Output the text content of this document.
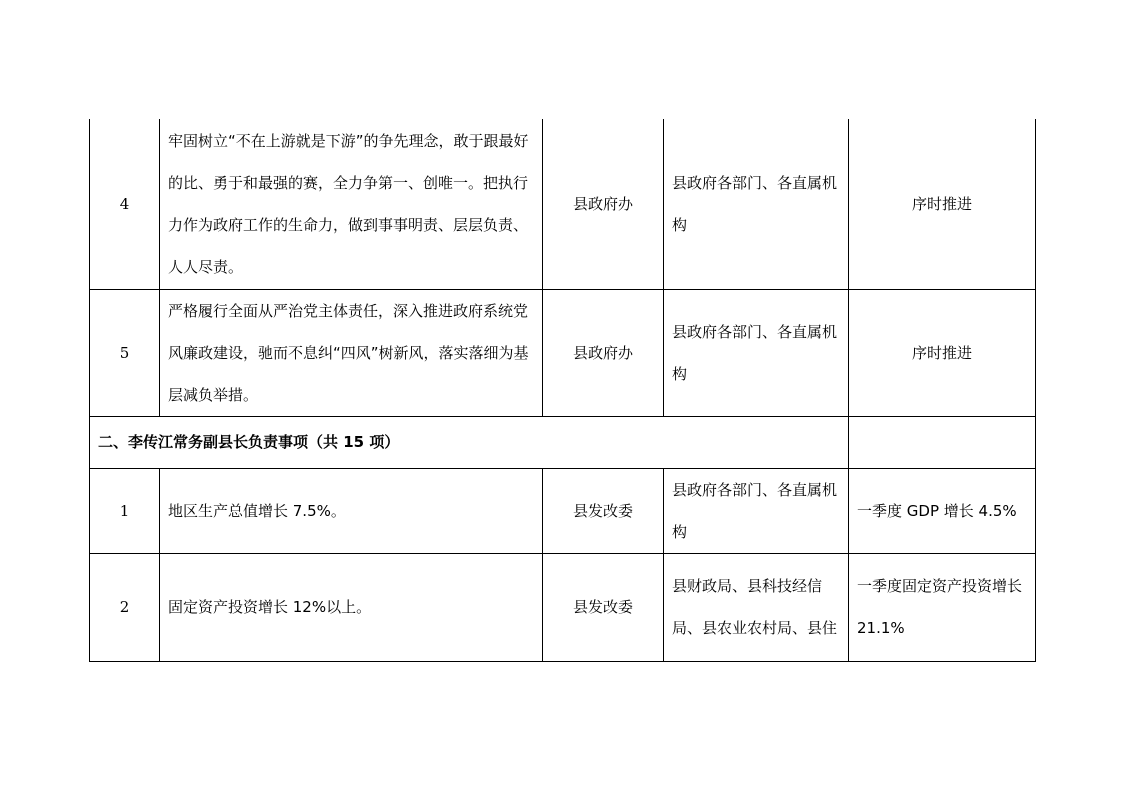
4	牢固树立“不在上游就是下游”的争先理念，敢于跟最好的比、勇于和最强的赛，全力争第一、创唯一。把执行力作为政府工作的生命力，做到事事明责、层层负责、人人尽责。	县政府办	县政府各部门、各直属机构	序时推进
5	严格履行全面从严治党主体责任，深入推进政府系统党风廉政建设，驰而不息纠“四风”树新风，落实落细为基层减负举措。	县政府办	县政府各部门、各直属机构	序时推进
二、李传江常务副县长负责事项（共 15 项）				
1	地区生产总值增长 7.5%。	县发改委	县政府各部门、各直属机构	一季度 GDP 增长 4.5%
2	固定资产投资增长 12%以上。	县发改委	县财政局、县科技经信局、县农业农村局、县住	一季度固定资产投资增长 21.1%
